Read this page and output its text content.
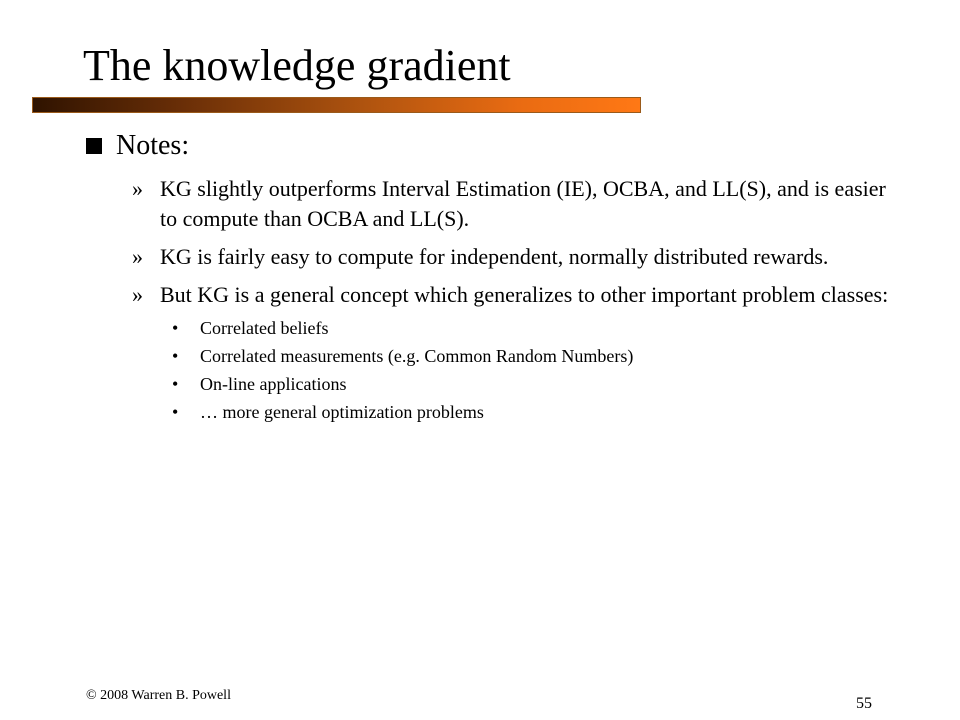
The knowledge gradient
Notes:
» KG slightly outperforms Interval Estimation (IE), OCBA, and LL(S), and is easier to compute than OCBA and LL(S).
» KG is fairly easy to compute for independent, normally distributed rewards.
» But KG is a general concept which generalizes to other important problem classes:
• Correlated beliefs
• Correlated measurements (e.g. Common Random Numbers)
• On-line applications
• … more general optimization problems
© 2008 Warren B. Powell	55
